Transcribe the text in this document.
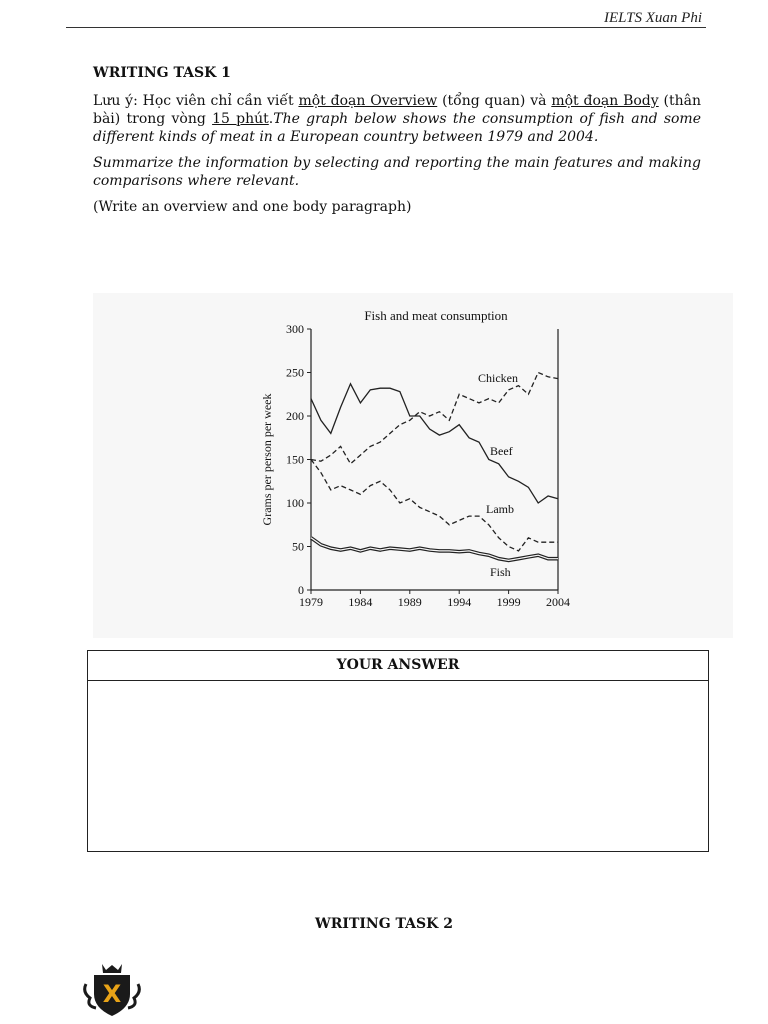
IELTS Xuan Phi
WRITING TASK 1

Lưu ý: Học viên chỉ cần viết một đoạn Overview (tổng quan) và một đoạn Body (thân bài) trong vòng 15 phút.The graph below shows the consumption of fish and some different kinds of meat in a European country between 1979 and 2004.

Summarize the information by selecting and reporting the main features and making comparisons where relevant.

(Write an overview and one body paragraph)

0
50
100
150
200
250
300
1979 1984 1989 1994 1999 2004
Fish and meat consumption
Grams per person per week
Chicken
Beef
Lamb
Fish
YOUR ANSWER
WRITING TASK 2
X
